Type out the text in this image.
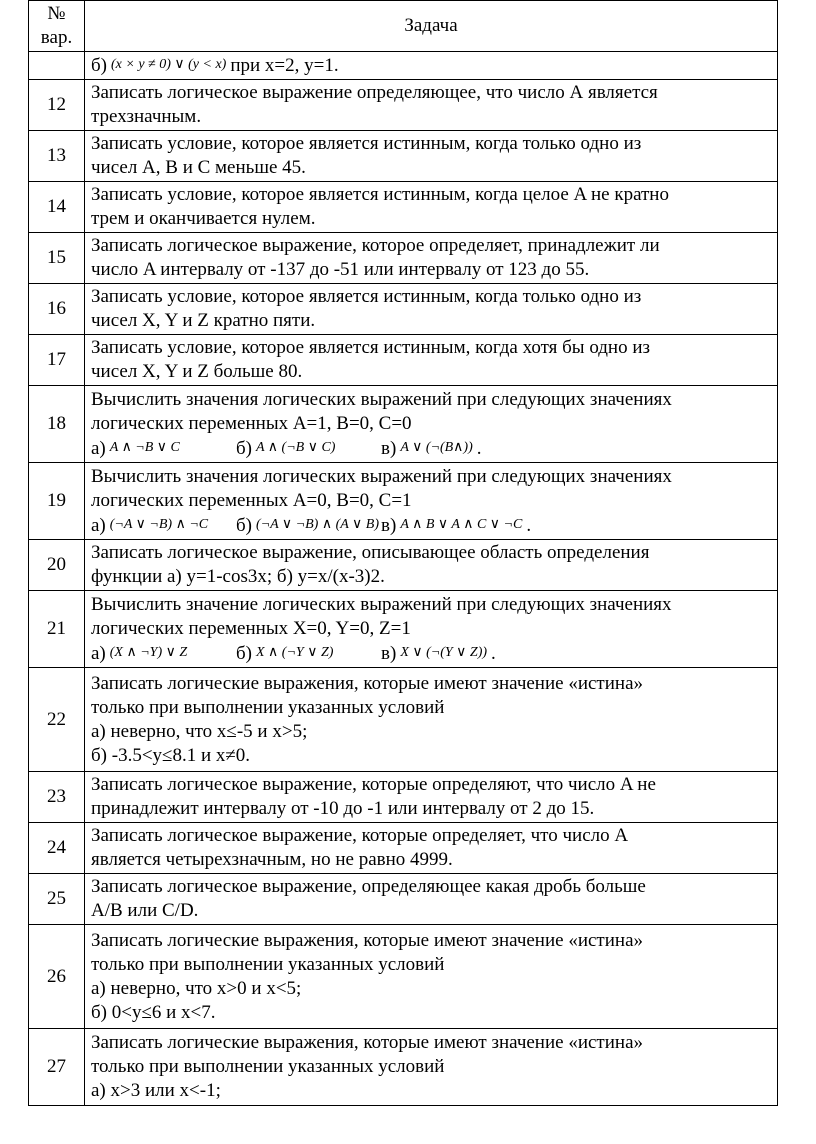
№
вар.	Задача

	б) (x × y ≠ 0) ∨ (y < x) при x=2, y=1.

12	Записать логическое выражение определяющее, что число А является
трехзначным.

13	Записать условие, которое является истинным, когда только одно из
чисел A, B и C меньше 45.

14	Записать условие, которое является истинным, когда целое A не кратно
трем и оканчивается нулем.

15	Записать логическое выражение, которое определяет, принадлежит ли
число A интервалу от -137 до -51 или интервалу от 123 до 55.

16	Записать условие, которое является истинным, когда только одно из
чисел X, Y и Z кратно пяти.

17	Записать условие, которое является истинным, когда хотя бы одно из
чисел X, Y и Z больше 80.

18	Вычислить значения логических выражений при следующих значениях
логических переменных A=1, B=0, C=0
а) A ∧ ¬B ∨ C б) A ∧ (¬B ∨ C) в) A ∨ (¬(B∧)) .

19	Вычислить значения логических выражений при следующих значениях
логических переменных A=0, B=0, C=1
а) (¬A ∨ ¬B) ∧ ¬C б) (¬A ∨ ¬B) ∧ (A ∨ B) в) A ∧ B ∨ A ∧ C ∨ ¬C .

20	Записать логическое выражение, описывающее область определения
функции а) y=1-cos3x; б) y=x/(x-3)2.

21	Вычислить значение логических выражений при следующих значениях
логических переменных X=0, Y=0, Z=1
а) (X ∧ ¬Y) ∨ Z б) X ∧ (¬Y ∨ Z) в) X ∨ (¬(Y ∨ Z)) .

22	Записать логические выражения, которые имеют значение «истина»
только при выполнении указанных условий
а) неверно, что x≤-5 и x>5;
б) -3.5<y≤8.1 и x≠0.

23	Записать логическое выражение, которые определяют, что число A не
принадлежит интервалу от -10 до -1 или интервалу от 2 до 15.

24	Записать логическое выражение, которые определяет, что число А
является четырехзначным, но не равно 4999.

25	Записать логическое выражение, определяющее какая дробь больше
A/B или C/D.

26	Записать логические выражения, которые имеют значение «истина»
только при выполнении указанных условий
а) неверно, что x>0 и x<5;
б) 0<y≤6 и x<7.

27	Записать логические выражения, которые имеют значение «истина»
только при выполнении указанных условий
а) x>3 или x<-1;
